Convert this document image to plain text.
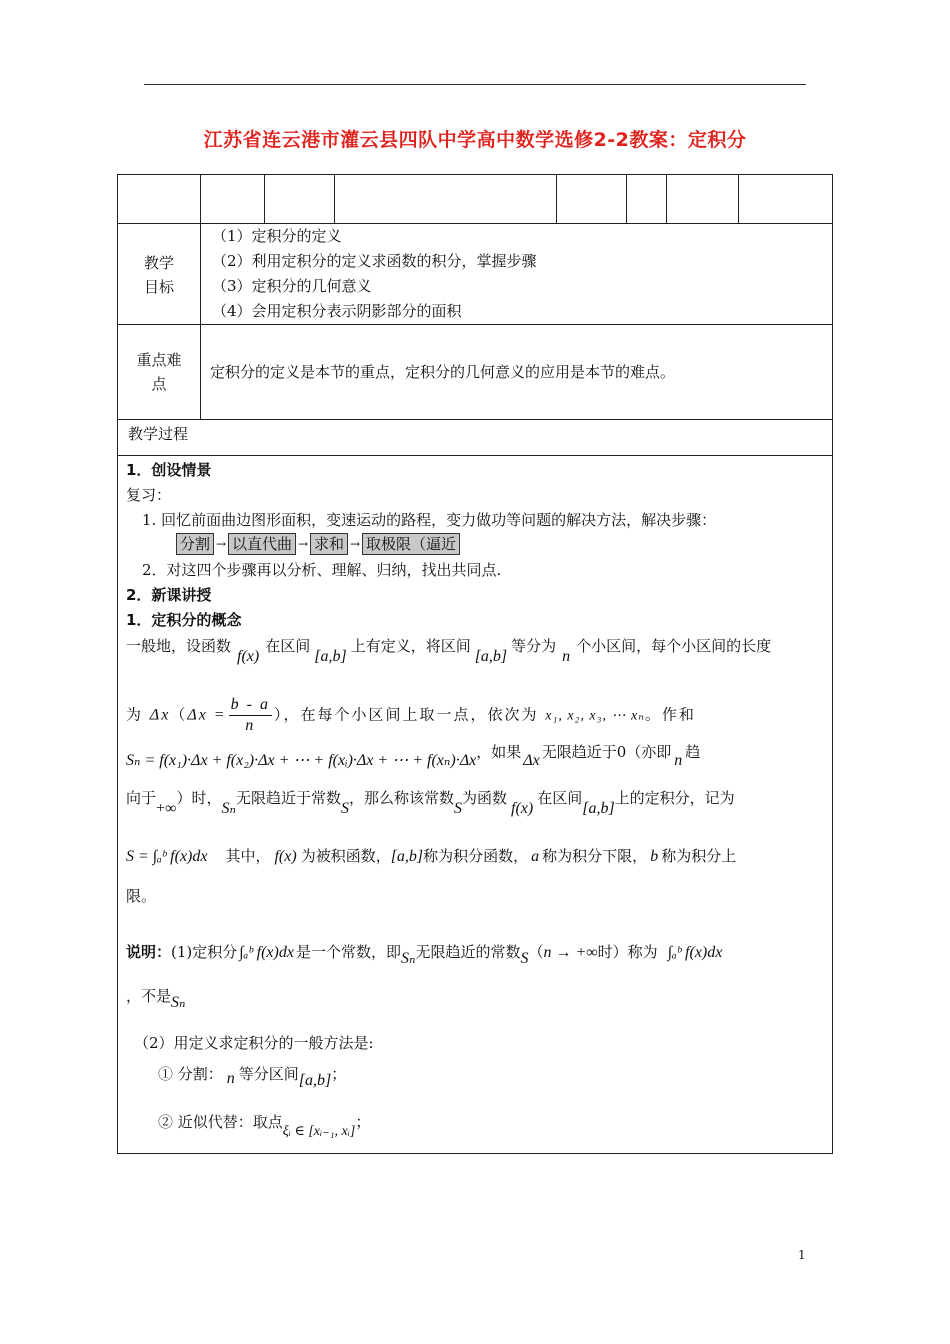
江苏省连云港市灌云县四队中学高中数学选修2-2教案：定积分
教学
目标
（1）定积分的定义
（2）利用定积分的定义求函数的积分，掌握步骤
（3）定积分的几何意义
（4）会用定积分表示阴影部分的面积
重点难
点
定积分的定义是本节的重点，定积分的几何意义的应用是本节的难点。
教学过程
1．创设情景
复习：
1. 回忆前面曲边图形面积，变速运动的路程，变力做功等问题的解决方法，解决步骤：
分割 → 以直代曲 → 求和 → 取极限（逼近
2．对这四个步骤再以分析、理解、归纳，找出共同点.
2．新课讲授
1．定积分的概念
一般地，设函数f(x)在区间[a,b]上有定义，将区间[a,b]等分为n个小区间，每个小区间的长度
为 $\Delta x(\Delta x = \frac{b - a}{n}$ ），在每个小区间上取一点，依次为 x₁, x₂, x₃, ⋯ xₙ。作和
Sₙ = f(x₁)·Δx + f(x₂)·Δx + ⋯ + f(xᵢ)·Δx + ⋯ + f(xₙ)·Δx，如果 Δx 无限趋近于0（亦即 n 趋
向于+∞）时，Sₙ无限趋近于常数S，那么称该常数S为函数f(x)在区间[a,b]上的定积分，记为
S = ∫ₐᵇ f(x)dx 其中， f(x) 为被积函数，[a,b]称为积分函数， a 称为积分下限， b 称为积分上
限。
说明：(1)定积分 ∫ₐᵇ f(x)dx 是一个常数，即Sₙ无限趋近的常数S（n → +∞时）称为 ∫ₐᵇ f(x)dx
，不是Sₙ
（2）用定义求定积分的一般方法是:
① 分割： n 等分区间[a,b]；
② 近似代替：取点ξᵢ ∈ [xᵢ₋₁, xᵢ]；
1
